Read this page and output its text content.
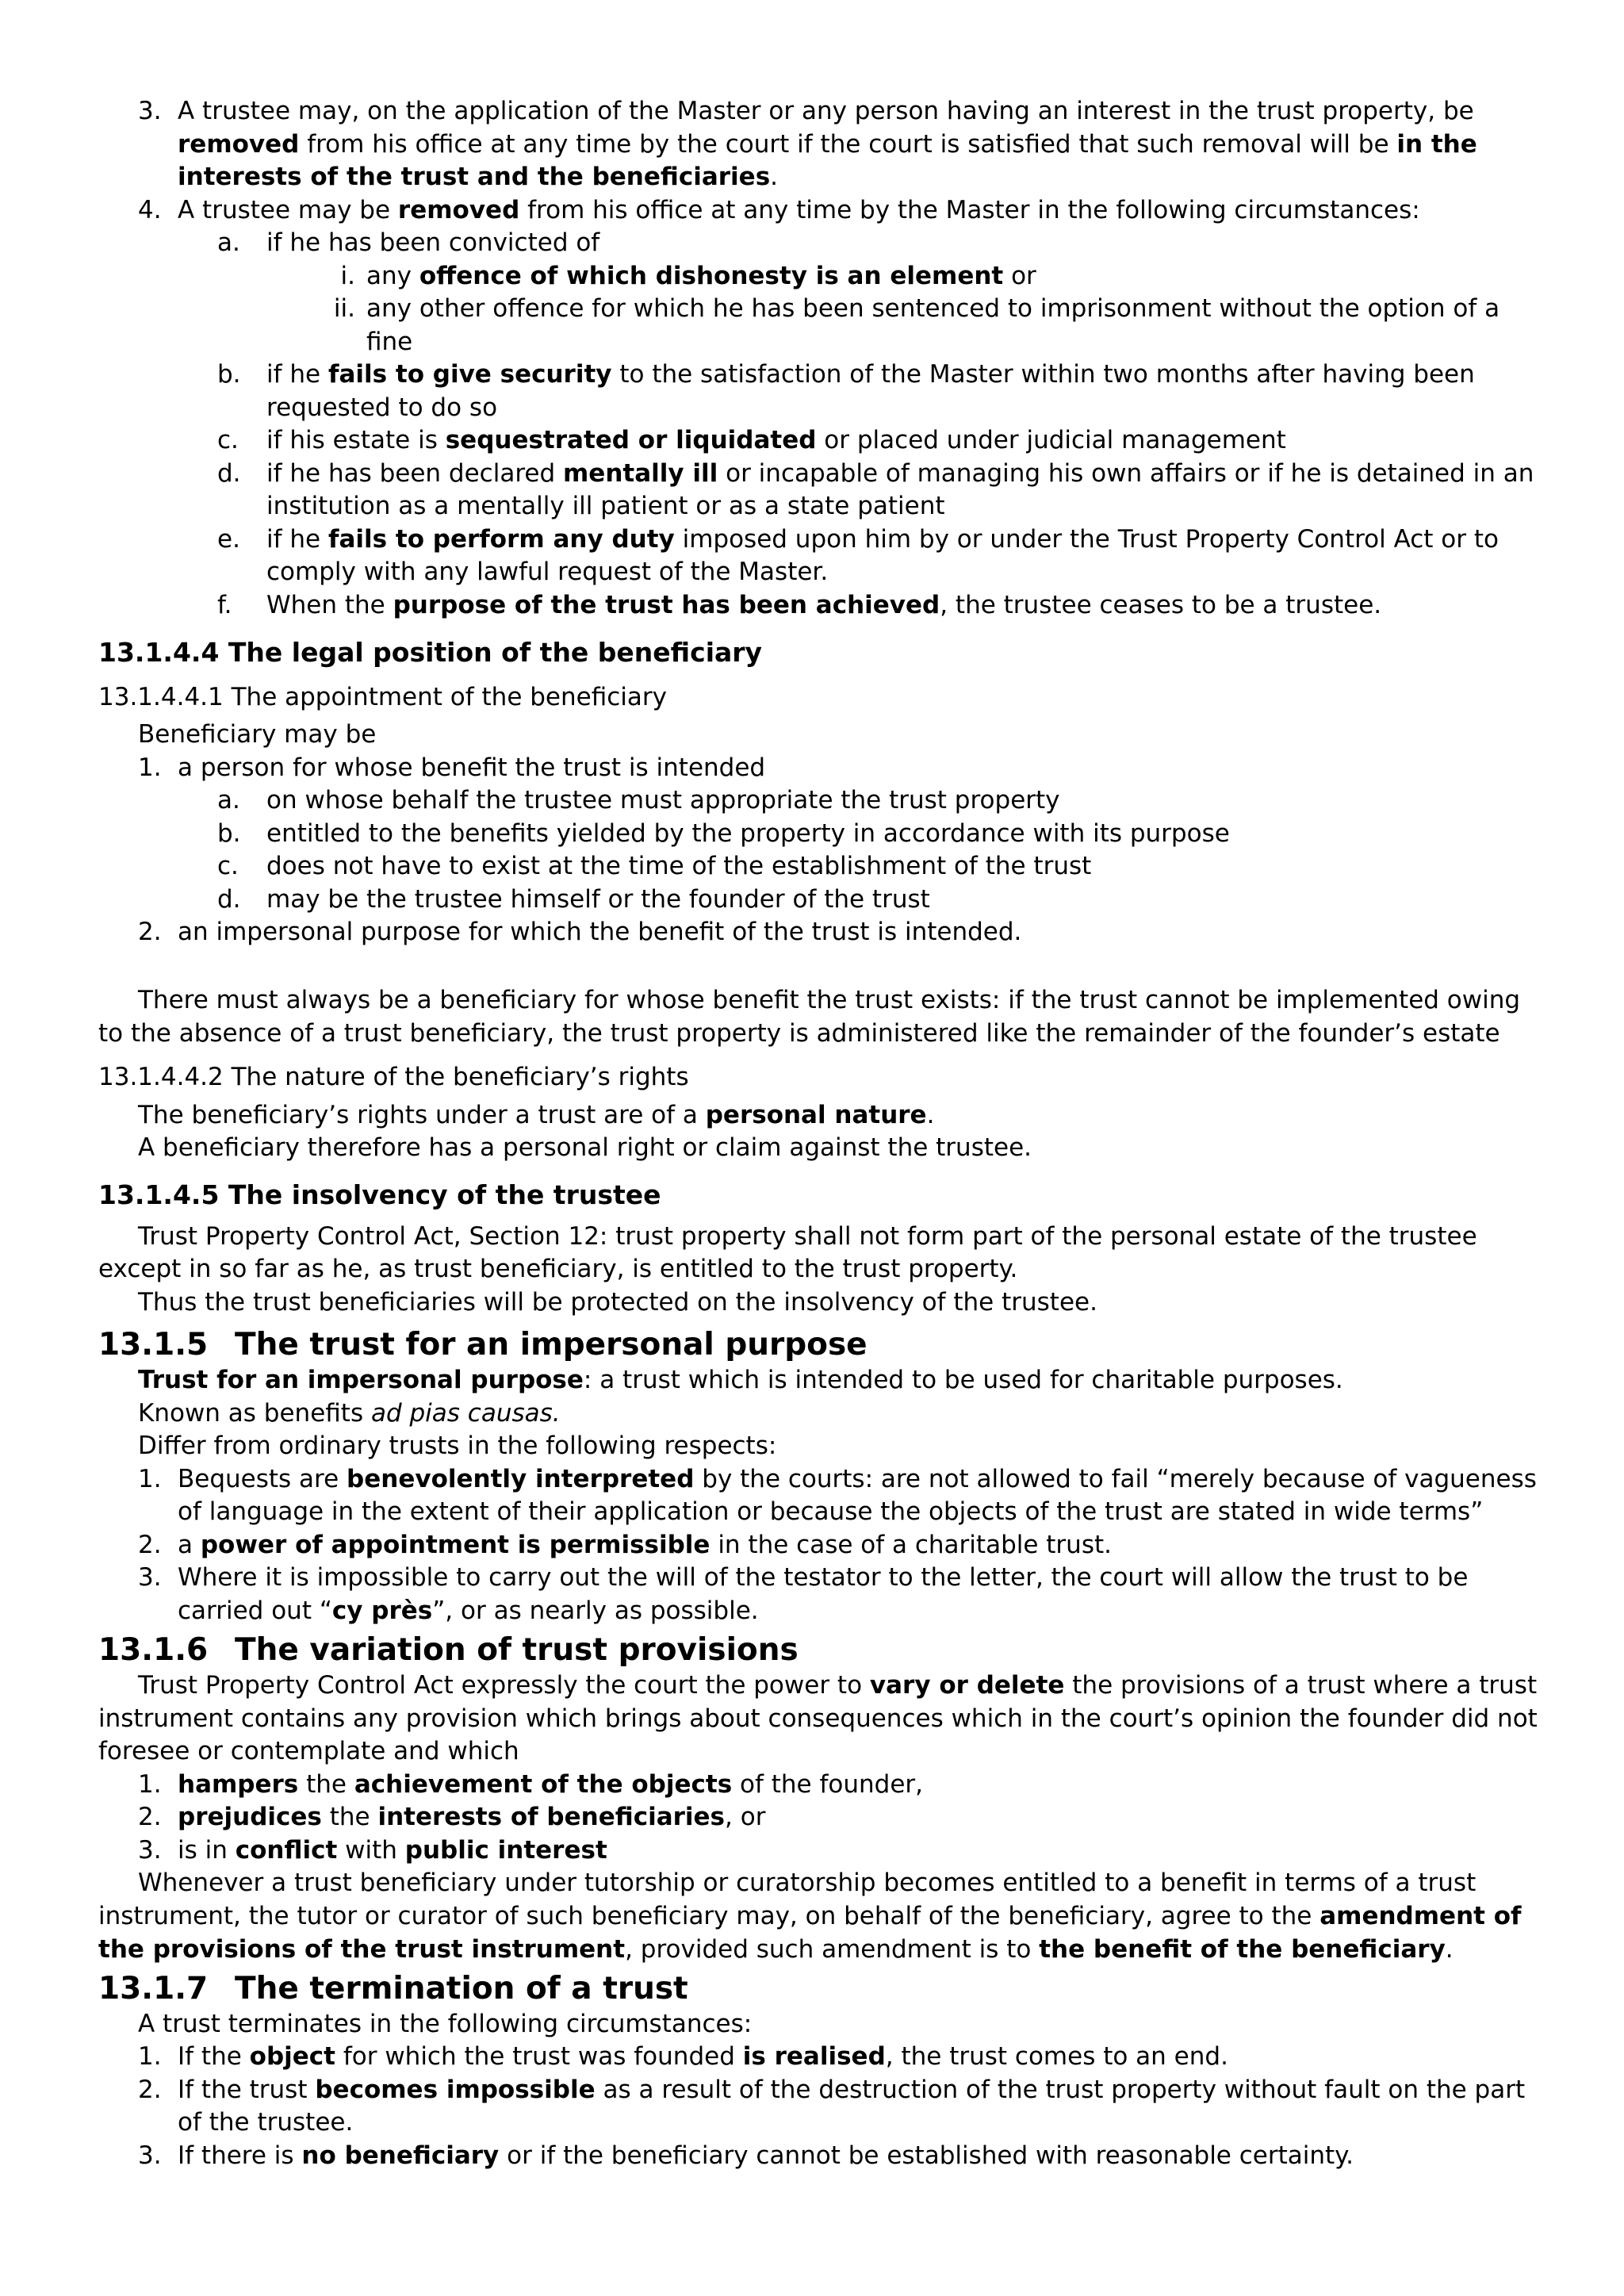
3. A trustee may, on the application of the Master or any person having an interest in the trust property, be removed from his office at any time by the court if the court is satisfied that such removal will be in the interests of the trust and the beneficiaries.
4. A trustee may be removed from his office at any time by the Master in the following circumstances:
a. if he has been convicted of
i. any offence of which dishonesty is an element or
ii. any other offence for which he has been sentenced to imprisonment without the option of a fine
b. if he fails to give security to the satisfaction of the Master within two months after having been requested to do so
c. if his estate is sequestrated or liquidated or placed under judicial management
d. if he has been declared mentally ill or incapable of managing his own affairs or if he is detained in an institution as a mentally ill patient or as a state patient
e. if he fails to perform any duty imposed upon him by or under the Trust Property Control Act or to comply with any lawful request of the Master.
f. When the purpose of the trust has been achieved, the trustee ceases to be a trustee.
13.1.4.4 The legal position of the beneficiary
13.1.4.4.1 The appointment of the beneficiary
Beneficiary may be
1. a person for whose benefit the trust is intended
a. on whose behalf the trustee must appropriate the trust property
b. entitled to the benefits yielded by the property in accordance with its purpose
c. does not have to exist at the time of the establishment of the trust
d. may be the trustee himself or the founder of the trust
2. an impersonal purpose for which the benefit of the trust is intended.

There must always be a beneficiary for whose benefit the trust exists: if the trust cannot be implemented owing to the absence of a trust beneficiary, the trust property is administered like the remainder of the founder’s estate

13.1.4.4.2 The nature of the beneficiary’s rights
The beneficiary’s rights under a trust are of a personal nature.
A beneficiary therefore has a personal right or claim against the trustee.
13.1.4.5 The insolvency of the trustee

Trust Property Control Act, Section 12: trust property shall not form part of the personal estate of the trustee except in so far as he, as trust beneficiary, is entitled to the trust property.

Thus the trust beneficiaries will be protected on the insolvency of the trustee.
13.1.5 The trust for an impersonal purpose
Trust for an impersonal purpose: a trust which is intended to be used for charitable purposes.
Known as benefits ad pias causas.
Differ from ordinary trusts in the following respects:
1. Bequests are benevolently interpreted by the courts: are not allowed to fail “merely because of vagueness of language in the extent of their application or because the objects of the trust are stated in wide terms”
2. a power of appointment is permissible in the case of a charitable trust.
3. Where it is impossible to carry out the will of the testator to the letter, the court will allow the trust to be carried out “cy près”, or as nearly as possible.
13.1.6 The variation of trust provisions

Trust Property Control Act expressly the court the power to vary or delete the provisions of a trust where a trust instrument contains any provision which brings about consequences which in the court’s opinion the founder did not foresee or contemplate and which

1. hampers the achievement of the objects of the founder,
2. prejudices the interests of beneficiaries, or
3. is in conflict with public interest

Whenever a trust beneficiary under tutorship or curatorship becomes entitled to a benefit in terms of a trust instrument, the tutor or curator of such beneficiary may, on behalf of the beneficiary, agree to the amendment of the provisions of the trust instrument, provided such amendment is to the benefit of the beneficiary.

13.1.7 The termination of a trust
A trust terminates in the following circumstances:
1. If the object for which the trust was founded is realised, the trust comes to an end.
2. If the trust becomes impossible as a result of the destruction of the trust property without fault on the part of the trustee.
3. If there is no beneficiary or if the beneficiary cannot be established with reasonable certainty.
